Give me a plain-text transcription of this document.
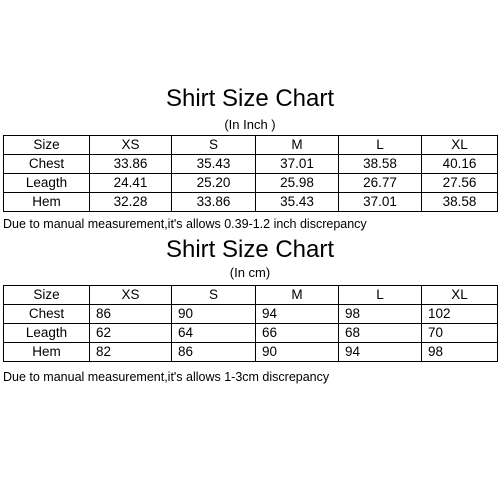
Shirt Size Chart
(In Inch )
Size	XS	S	M	L	XL
Chest	33.86	35.43	37.01	38.58	40.16
Leagth	24.41	25.20	25.98	26.77	27.56
Hem	32.28	33.86	35.43	37.01	38.58
Due to manual measurement,it's allows 0.39-1.2 inch discrepancy
Shirt Size Chart
(In cm)
Size	XS	S	M	L	XL
Chest	86	90	94	98	102
Leagth	62	64	66	68	70
Hem	82	86	90	94	98
Due to manual measurement,it's allows 1-3cm discrepancy
